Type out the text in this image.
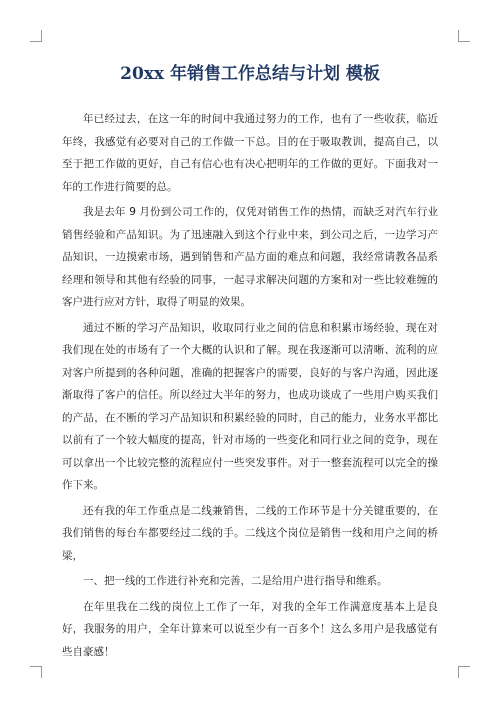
20xx 年销售工作总结与计划 模板

年已经过去，在这一年的时间中我通过努力的工作，也有了一些收获，临近年终，我感觉有必要对自己的工作做一下总。目的在于吸取教训，提高自己，以至于把工作做的更好，自己有信心也有决心把明年的工作做的更好。下面我对一年的工作进行简要的总。

我是去年 9 月份到公司工作的，仅凭对销售工作的热情，而缺乏对汽车行业销售经验和产品知识。为了迅速融入到这个行业中来，到公司之后，一边学习产品知识，一边摸索市场，遇到销售和产品方面的难点和问题，我经常请教各品系经理和领导和其他有经验的同事，一起寻求解决问题的方案和对一些比较难缠的客户进行应对方针，取得了明显的效果。

通过不断的学习产品知识，收取同行业之间的信息和积累市场经验，现在对我们现在处的市场有了一个大概的认识和了解。现在我逐渐可以清晰、流利的应对客户所提到的各种问题，准确的把握客户的需要，良好的与客户沟通，因此逐渐取得了客户的信任。所以经过大半年的努力，也成功谈成了一些用户购买我们的产品，在不断的学习产品知识和积累经验的同时，自己的能力，业务水平都比以前有了一个较大幅度的提高，针对市场的一些变化和同行业之间的竞争，现在可以拿出一个比较完整的流程应付一些突发事件。对于一整套流程可以完全的操作下来。

还有我的年工作重点是二线兼销售，二线的工作环节是十分关键重要的，在我们销售的每台车都要经过二线的手。二线这个岗位是销售一线和用户之间的桥梁，

一、把一线的工作进行补充和完善，二是给用户进行指导和维系。

在年里我在二线的岗位上工作了一年，对我的全年工作满意度基本上是良好，我服务的用户，全年计算来可以说至少有一百多个！这么多用户是我感觉有些自豪感！
